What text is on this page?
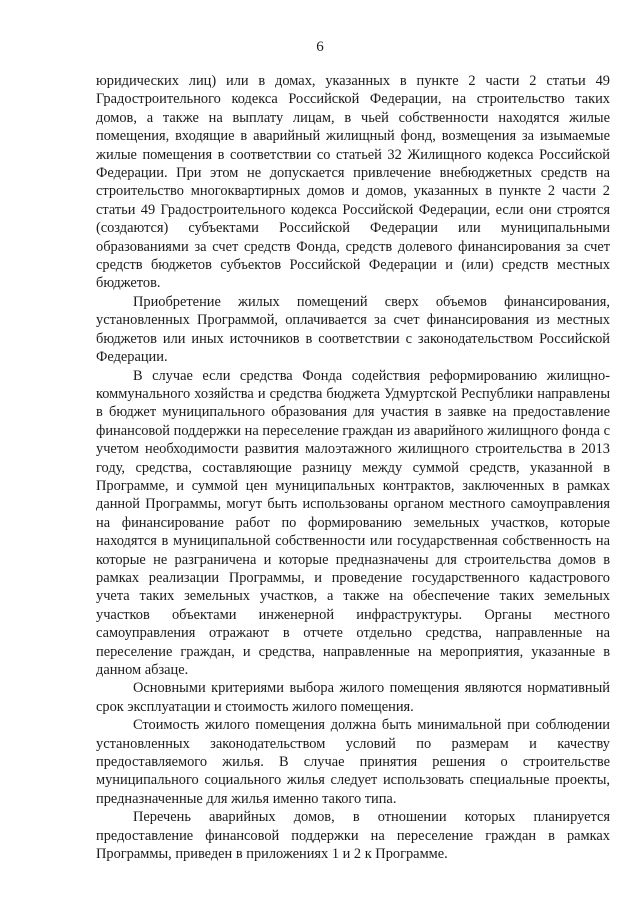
6

юридических лиц) или в домах, указанных в пункте 2 части 2 статьи 49 Градостроительного кодекса Российской Федерации, на строительство таких домов, а также на выплату лицам, в чьей собственности находятся жилые помещения, входящие в аварийный жилищный фонд, возмещения за изымаемые жилые помещения в соответствии со статьей 32 Жилищного кодекса Российской Федерации. При этом не допускается привлечение внебюджетных средств на строительство многоквартирных домов и домов, указанных в пункте 2 части 2 статьи 49 Градостроительного кодекса Российской Федерации, если они строятся (создаются) субъектами Российской Федерации или муниципальными образованиями за счет средств Фонда, средств долевого финансирования за счет средств бюджетов субъектов Российской Федерации и (или) средств местных бюджетов.

Приобретение жилых помещений сверх объемов финансирования, установленных Программой, оплачивается за счет финансирования из местных бюджетов или иных источников в соответствии с законодательством Российской Федерации.

В случае если средства Фонда содействия реформированию жилищно-коммунального хозяйства и средства бюджета Удмуртской Республики направлены в бюджет муниципального образования для участия в заявке на предоставление финансовой поддержки на переселение граждан из аварийного жилищного фонда с учетом необходимости развития малоэтажного жилищного строительства в 2013 году, средства, составляющие разницу между суммой средств, указанной в Программе, и суммой цен муниципальных контрактов, заключенных в рамках данной Программы, могут быть использованы органом местного самоуправления на финансирование работ по формированию земельных участков, которые находятся в муниципальной собственности или государственная собственность на которые не разграничена и которые предназначены для строительства домов в рамках реализации Программы, и проведение государственного кадастрового учета таких земельных участков, а также на обеспечение таких земельных участков объектами инженерной инфраструктуры. Органы местного самоуправления отражают в отчете отдельно средства, направленные на переселение граждан, и средства, направленные на мероприятия, указанные в данном абзаце.

Основными критериями выбора жилого помещения являются нормативный срок эксплуатации и стоимость жилого помещения.

Стоимость жилого помещения должна быть минимальной при соблюдении установленных законодательством условий по размерам и качеству предоставляемого жилья. В случае принятия решения о строительстве муниципального социального жилья следует использовать специальные проекты, предназначенные для жилья именно такого типа.

Перечень аварийных домов, в отношении которых планируется предоставление финансовой поддержки на переселение граждан в рамках Программы, приведен в приложениях 1 и 2 к Программе.
